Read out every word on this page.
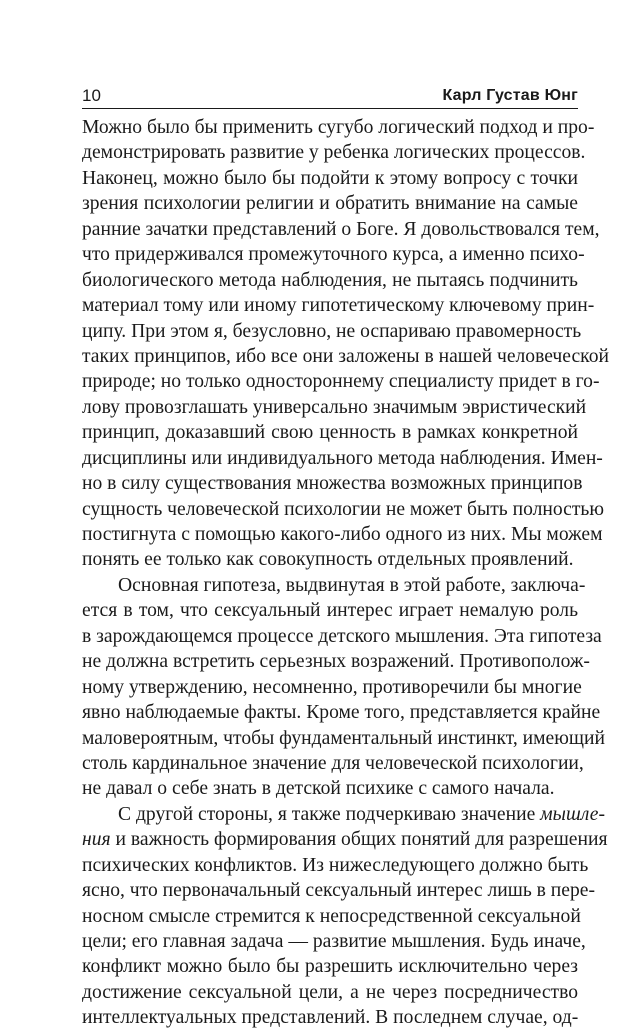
10	Карл Густав Юнг
Можно было бы применить сугубо логический подход и про-
демонстрировать развитие у ребенка логических процессов.
Наконец, можно было бы подойти к этому вопросу с точки
зрения психологии религии и обратить внимание на самые
ранние зачатки представлений о Боге. Я довольствовался тем,
что придерживался промежуточного курса, а именно психо-
биологического метода наблюдения, не пытаясь подчинить
материал тому или иному гипотетическому ключевому прин-
ципу. При этом я, безусловно, не оспариваю правомерность
таких принципов, ибо все они заложены в нашей человеческой
природе; но только одностороннему специалисту придет в го-
лову провозглашать универсально значимым эвристический
принцип, доказавший свою ценность в рамках конкретной
дисциплины или индивидуального метода наблюдения. Имен-
но в силу существования множества возможных принципов
сущность человеческой психологии не может быть полностью
постигнута с помощью какого-либо одного из них. Мы можем
понять ее только как совокупность отдельных проявлений.
Основная гипотеза, выдвинутая в этой работе, заключа-
ется в том, что сексуальный интерес играет немалую роль
в зарождающемся процессе детского мышления. Эта гипотеза
не должна встретить серьезных возражений. Противополож-
ному утверждению, несомненно, противоречили бы многие
явно наблюдаемые факты. Кроме того, представляется крайне
маловероятным, чтобы фундаментальный инстинкт, имеющий
столь кардинальное значение для человеческой психологии,
не давал о себе знать в детской психике с самого начала.
С другой стороны, я также подчеркиваю значение мышле-
ния и важность формирования общих понятий для разрешения
психических конфликтов. Из нижеследующего должно быть
ясно, что первоначальный сексуальный интерес лишь в пере-
носном смысле стремится к непосредственной сексуальной
цели; его главная задача — развитие мышления. Будь иначе,
конфликт можно было бы разрешить исключительно через
достижение сексуальной цели, а не через посредничество
интеллектуальных представлений. В последнем случае, од-
